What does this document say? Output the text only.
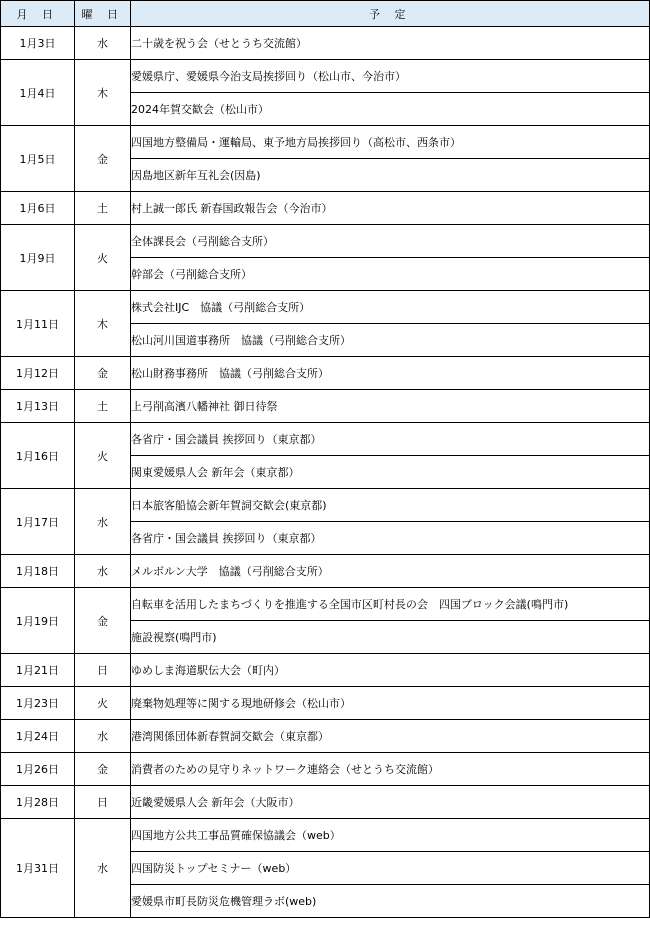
月 日	曜 日	予 定
1月3日	水	二十歳を祝う会（せとうち交流館）
1月4日	木	愛媛県庁、愛媛県今治支局挨拶回り（松山市、今治市）
		2024年賀交歓会（松山市）
1月5日	金	四国地方整備局・運輸局、東予地方局挨拶回り（高松市、西条市）
		因島地区新年互礼会(因島)
1月6日	土	村上誠一郎氏 新春国政報告会（今治市）
1月9日	火	全体課長会（弓削総合支所）
		幹部会（弓削総合支所）
1月11日	木	株式会社IJC　協議（弓削総合支所）
		松山河川国道事務所　協議（弓削総合支所）
1月12日	金	松山財務事務所　協議（弓削総合支所）
1月13日	土	上弓削高濱八幡神社 御日待祭
1月16日	火	各省庁・国会議員 挨拶回り（東京都）
		関東愛媛県人会 新年会（東京都）
1月17日	水	日本旅客船協会新年賀詞交歓会(東京都)
		各省庁・国会議員 挨拶回り（東京都）
1月18日	水	メルボルン大学　協議（弓削総合支所）
1月19日	金	自転車を活用したまちづくりを推進する全国市区町村長の会　四国ブロック会議(鳴門市)
		施設視察(鳴門市)
1月21日	日	ゆめしま海道駅伝大会（町内）
1月23日	火	廃棄物処理等に関する現地研修会（松山市）
1月24日	水	港湾関係団体新春賀詞交歓会（東京都）
1月26日	金	消費者のための見守りネットワーク連絡会（せとうち交流館）
1月28日	日	近畿愛媛県人会 新年会（大阪市）
1月31日	水	四国地方公共工事品質確保協議会（web）
		四国防災トップセミナー（web）
		愛媛県市町長防災危機管理ラボ(web)
